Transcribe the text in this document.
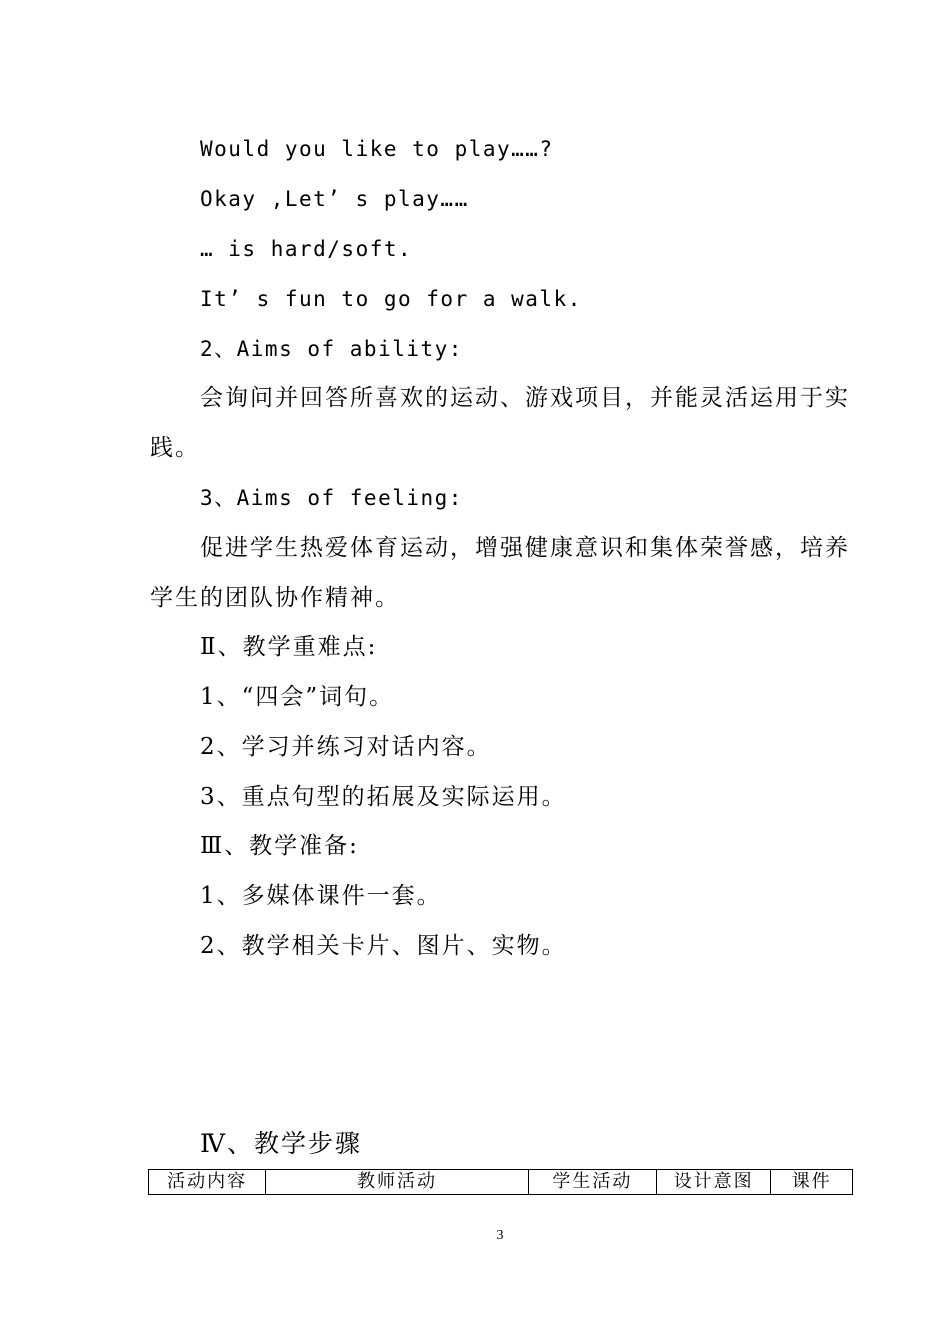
Would you like to play……?
Okay ,Let’ s play……
… is hard/soft.
It’ s fun to go for a walk.
2、Aims of ability:
会询问并回答所喜欢的运动、游戏项目，并能灵活运用于实
践。
3、Aims of feeling:
促进学生热爱体育运动，增强健康意识和集体荣誉感，培养
学生的团队协作精神。
Ⅱ、教学重难点:
1、“四会”词句。
2、学习并练习对话内容。
3、重点句型的拓展及实际运用。
Ⅲ、教学准备:
1、多媒体课件一套。
2、教学相关卡片、图片、实物。
Ⅳ、教学步骤
活动内容	教师活动	学生活动	设计意图	课件
3
